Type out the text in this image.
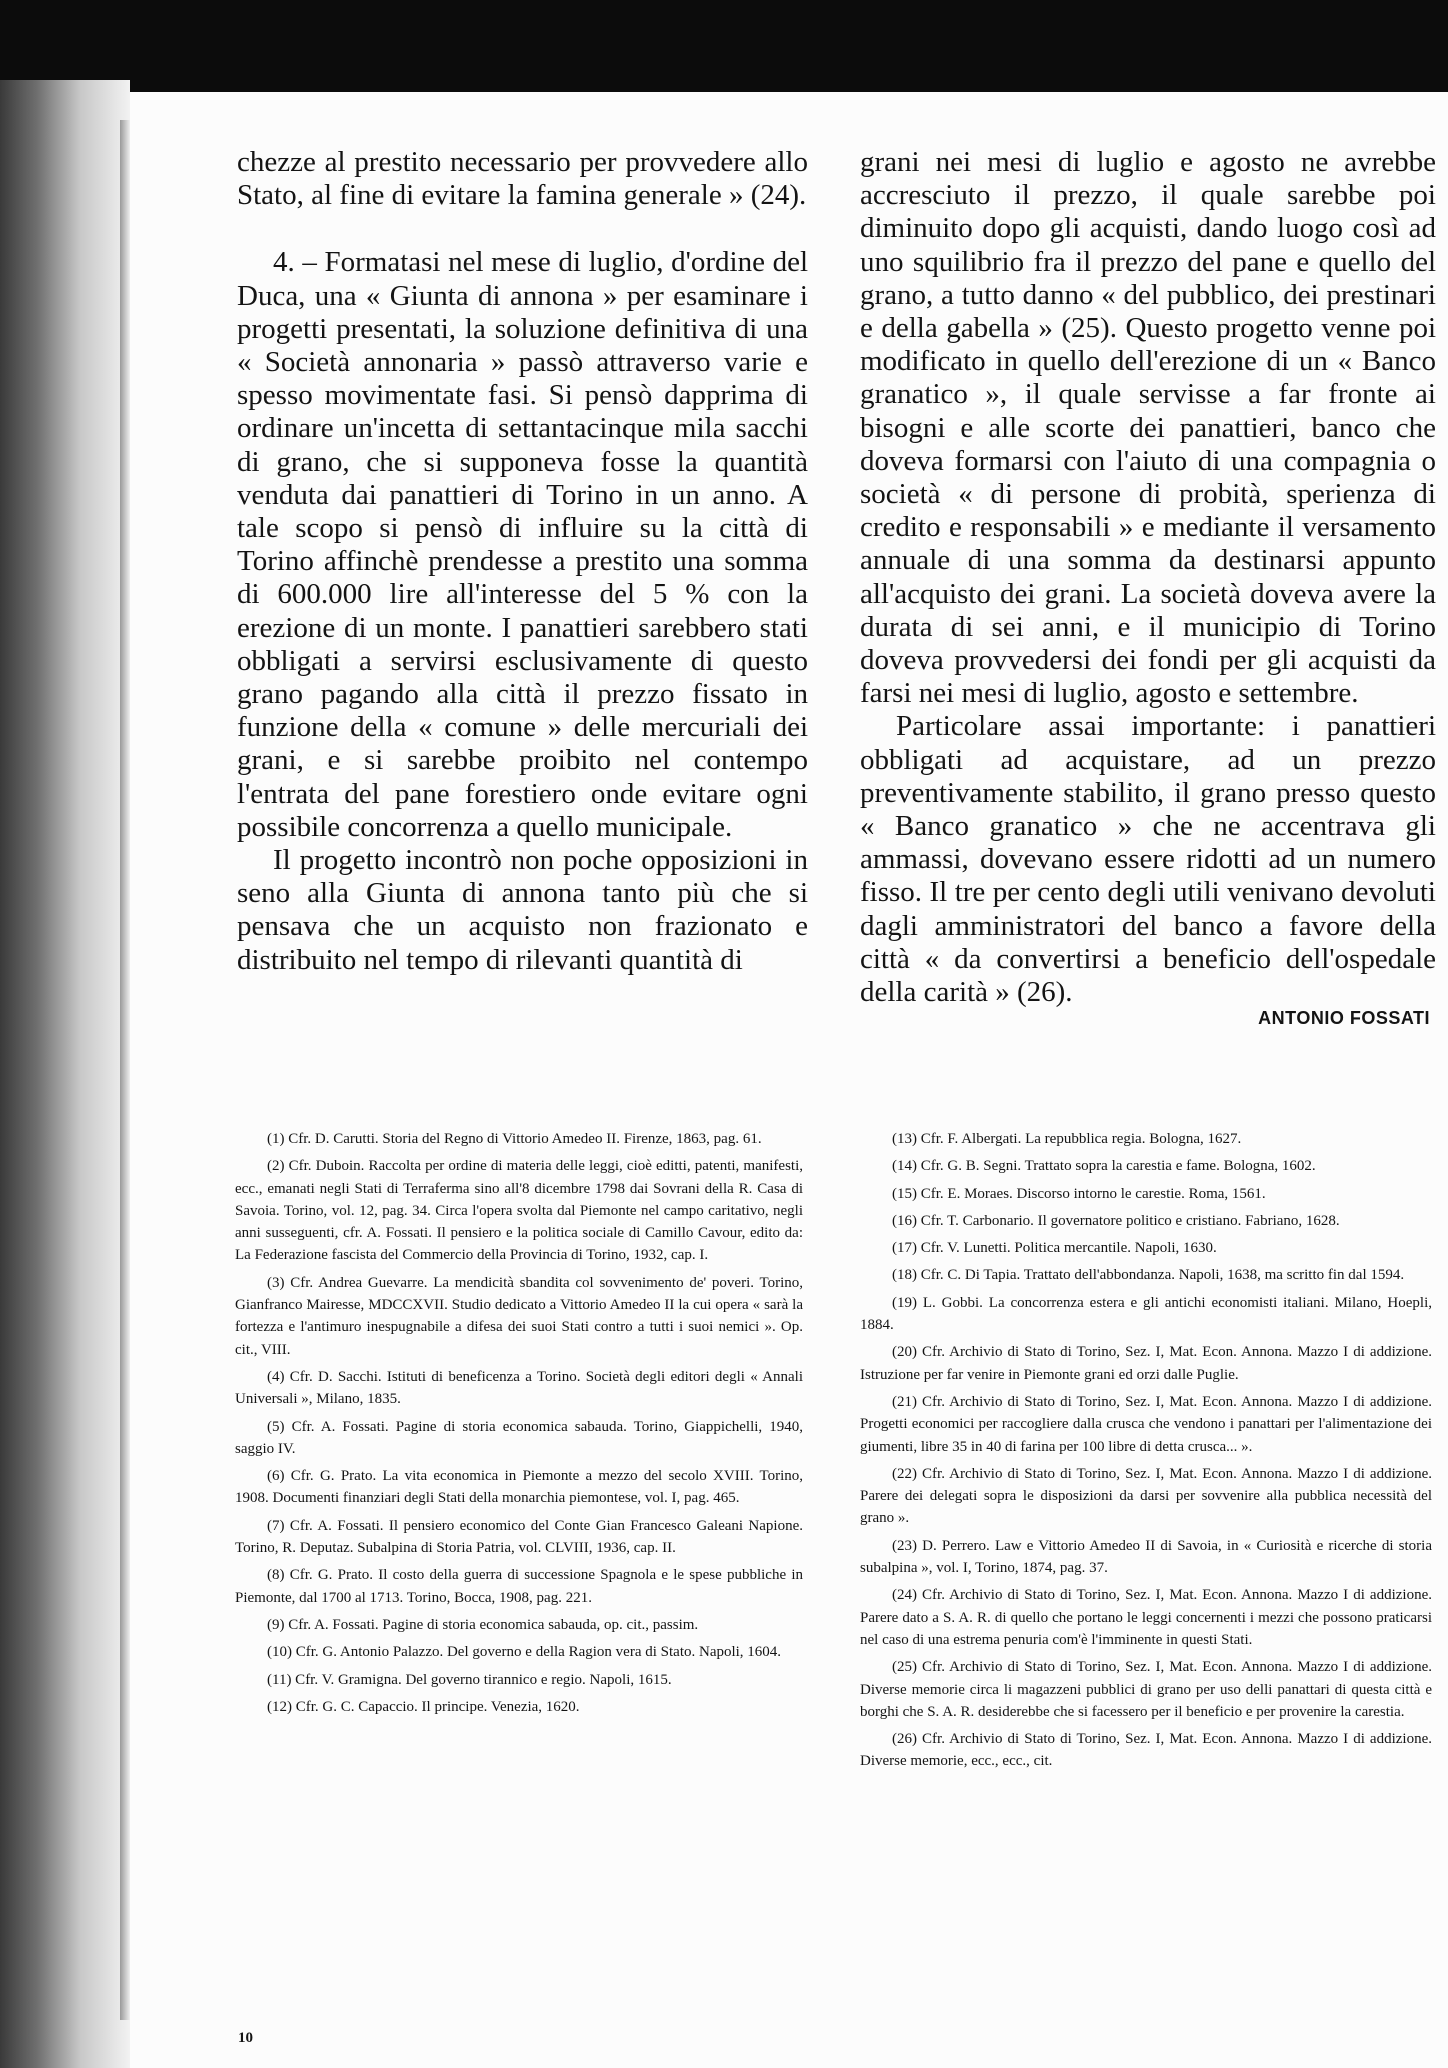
chezze al prestito necessario per provvedere allo Stato, al fine di evitare la famina generale » (24).

4. – Formatasi nel mese di luglio, d'ordine del Duca, una « Giunta di annona » per esaminare i progetti presentati, la soluzione definitiva di una « Società annonaria » passò attraverso varie e spesso movimentate fasi. Si pensò dapprima di ordinare un'incetta di settantacinque mila sacchi di grano, che si supponeva fosse la quantità venduta dai panattieri di Torino in un anno. A tale scopo si pensò di influire su la città di Torino affinchè prendesse a prestito una somma di 600.000 lire all'interesse del 5 % con la erezione di un monte. I panattieri sarebbero stati obbligati a servirsi esclusivamente di questo grano pagando alla città il prezzo fissato in funzione della « comune » delle mercuriali dei grani, e si sarebbe proibito nel contempo l'entrata del pane forestiero onde evitare ogni possibile concorrenza a quello municipale.

Il progetto incontrò non poche opposizioni in seno alla Giunta di annona tanto più che si pensava che un acquisto non frazionato e distribuito nel tempo di rilevanti quantità di

grani nei mesi di luglio e agosto ne avrebbe accresciuto il prezzo, il quale sarebbe poi diminuito dopo gli acquisti, dando luogo così ad uno squilibrio fra il prezzo del pane e quello del grano, a tutto danno « del pubblico, dei prestinari e della gabella » (25). Questo progetto venne poi modificato in quello dell'erezione di un « Banco granatico », il quale servisse a far fronte ai bisogni e alle scorte dei panattieri, banco che doveva formarsi con l'aiuto di una compagnia o società « di persone di probità, sperienza di credito e responsabili » e mediante il versamento annuale di una somma da destinarsi appunto all'acquisto dei grani. La società doveva avere la durata di sei anni, e il municipio di Torino doveva provvedersi dei fondi per gli acquisti da farsi nei mesi di luglio, agosto e settembre.

Particolare assai importante: i panattieri obbligati ad acquistare, ad un prezzo preventivamente stabilito, il grano presso questo « Banco granatico » che ne accentrava gli ammassi, dovevano essere ridotti ad un numero fisso. Il tre per cento degli utili venivano devoluti dagli amministratori del banco a favore della città « da convertirsi a beneficio dell'ospedale della carità » (26).

ANTONIO FOSSATI

(1) Cfr. D. Carutti. Storia del Regno di Vittorio Amedeo II. Firenze, 1863, pag. 61.

(2) Cfr. Duboin. Raccolta per ordine di materia delle leggi, cioè editti, patenti, manifesti, ecc., emanati negli Stati di Terraferma sino all'8 dicembre 1798 dai Sovrani della R. Casa di Savoia. Torino, vol. 12, pag. 34. Circa l'opera svolta dal Piemonte nel campo caritativo, negli anni susseguenti, cfr. A. Fossati. Il pensiero e la politica sociale di Camillo Cavour, edito da: La Federazione fascista del Commercio della Provincia di Torino, 1932, cap. I.

(3) Cfr. Andrea Guevarre. La mendicità sbandita col sovvenimento de' poveri. Torino, Gianfranco Mairesse, MDCCXVII. Studio dedicato a Vittorio Amedeo II la cui opera « sarà la fortezza e l'antimuro inespugnabile a difesa dei suoi Stati contro a tutti i suoi nemici ». Op. cit., VIII.

(4) Cfr. D. Sacchi. Istituti di beneficenza a Torino. Società degli editori degli « Annali Universali », Milano, 1835.

(5) Cfr. A. Fossati. Pagine di storia economica sabauda. Torino, Giappichelli, 1940, saggio IV.

(6) Cfr. G. Prato. La vita economica in Piemonte a mezzo del secolo XVIII. Torino, 1908. Documenti finanziari degli Stati della monarchia piemontese, vol. I, pag. 465.

(7) Cfr. A. Fossati. Il pensiero economico del Conte Gian Francesco Galeani Napione. Torino, R. Deputaz. Subalpina di Storia Patria, vol. CLVIII, 1936, cap. II.

(8) Cfr. G. Prato. Il costo della guerra di successione Spagnola e le spese pubbliche in Piemonte, dal 1700 al 1713. Torino, Bocca, 1908, pag. 221.

(9) Cfr. A. Fossati. Pagine di storia economica sabauda, op. cit., passim.

(10) Cfr. G. Antonio Palazzo. Del governo e della Ragion vera di Stato. Napoli, 1604.

(11) Cfr. V. Gramigna. Del governo tirannico e regio. Napoli, 1615.

(12) Cfr. G. C. Capaccio. Il principe. Venezia, 1620.

(13) Cfr. F. Albergati. La repubblica regia. Bologna, 1627.

(14) Cfr. G. B. Segni. Trattato sopra la carestia e fame. Bologna, 1602.

(15) Cfr. E. Moraes. Discorso intorno le carestie. Roma, 1561.

(16) Cfr. T. Carbonario. Il governatore politico e cristiano. Fabriano, 1628.

(17) Cfr. V. Lunetti. Politica mercantile. Napoli, 1630.

(18) Cfr. C. Di Tapia. Trattato dell'abbondanza. Napoli, 1638, ma scritto fin dal 1594.

(19) L. Gobbi. La concorrenza estera e gli antichi economisti italiani. Milano, Hoepli, 1884.

(20) Cfr. Archivio di Stato di Torino, Sez. I, Mat. Econ. Annona. Mazzo I di addizione. Istruzione per far venire in Piemonte grani ed orzi dalle Puglie.

(21) Cfr. Archivio di Stato di Torino, Sez. I, Mat. Econ. Annona. Mazzo I di addizione. Progetti economici per raccogliere dalla crusca che vendono i panattari per l'alimentazione dei giumenti, libre 35 in 40 di farina per 100 libre di detta crusca... ».

(22) Cfr. Archivio di Stato di Torino, Sez. I, Mat. Econ. Annona. Mazzo I di addizione. Parere dei delegati sopra le disposizioni da darsi per sovvenire alla pubblica necessità del grano ».

(23) D. Perrero. Law e Vittorio Amedeo II di Savoia, in « Curiosità e ricerche di storia subalpina », vol. I, Torino, 1874, pag. 37.

(24) Cfr. Archivio di Stato di Torino, Sez. I, Mat. Econ. Annona. Mazzo I di addizione. Parere dato a S. A. R. di quello che portano le leggi concernenti i mezzi che possono praticarsi nel caso di una estrema penuria com'è l'imminente in questi Stati.

(25) Cfr. Archivio di Stato di Torino, Sez. I, Mat. Econ. Annona. Mazzo I di addizione. Diverse memorie circa li magazzeni pubblici di grano per uso delli panattari di questa città e borghi che S. A. R. desiderebbe che si facessero per il beneficio e per provenire la carestia.

(26) Cfr. Archivio di Stato di Torino, Sez. I, Mat. Econ. Annona. Mazzo I di addizione. Diverse memorie, ecc., ecc., cit.

10
